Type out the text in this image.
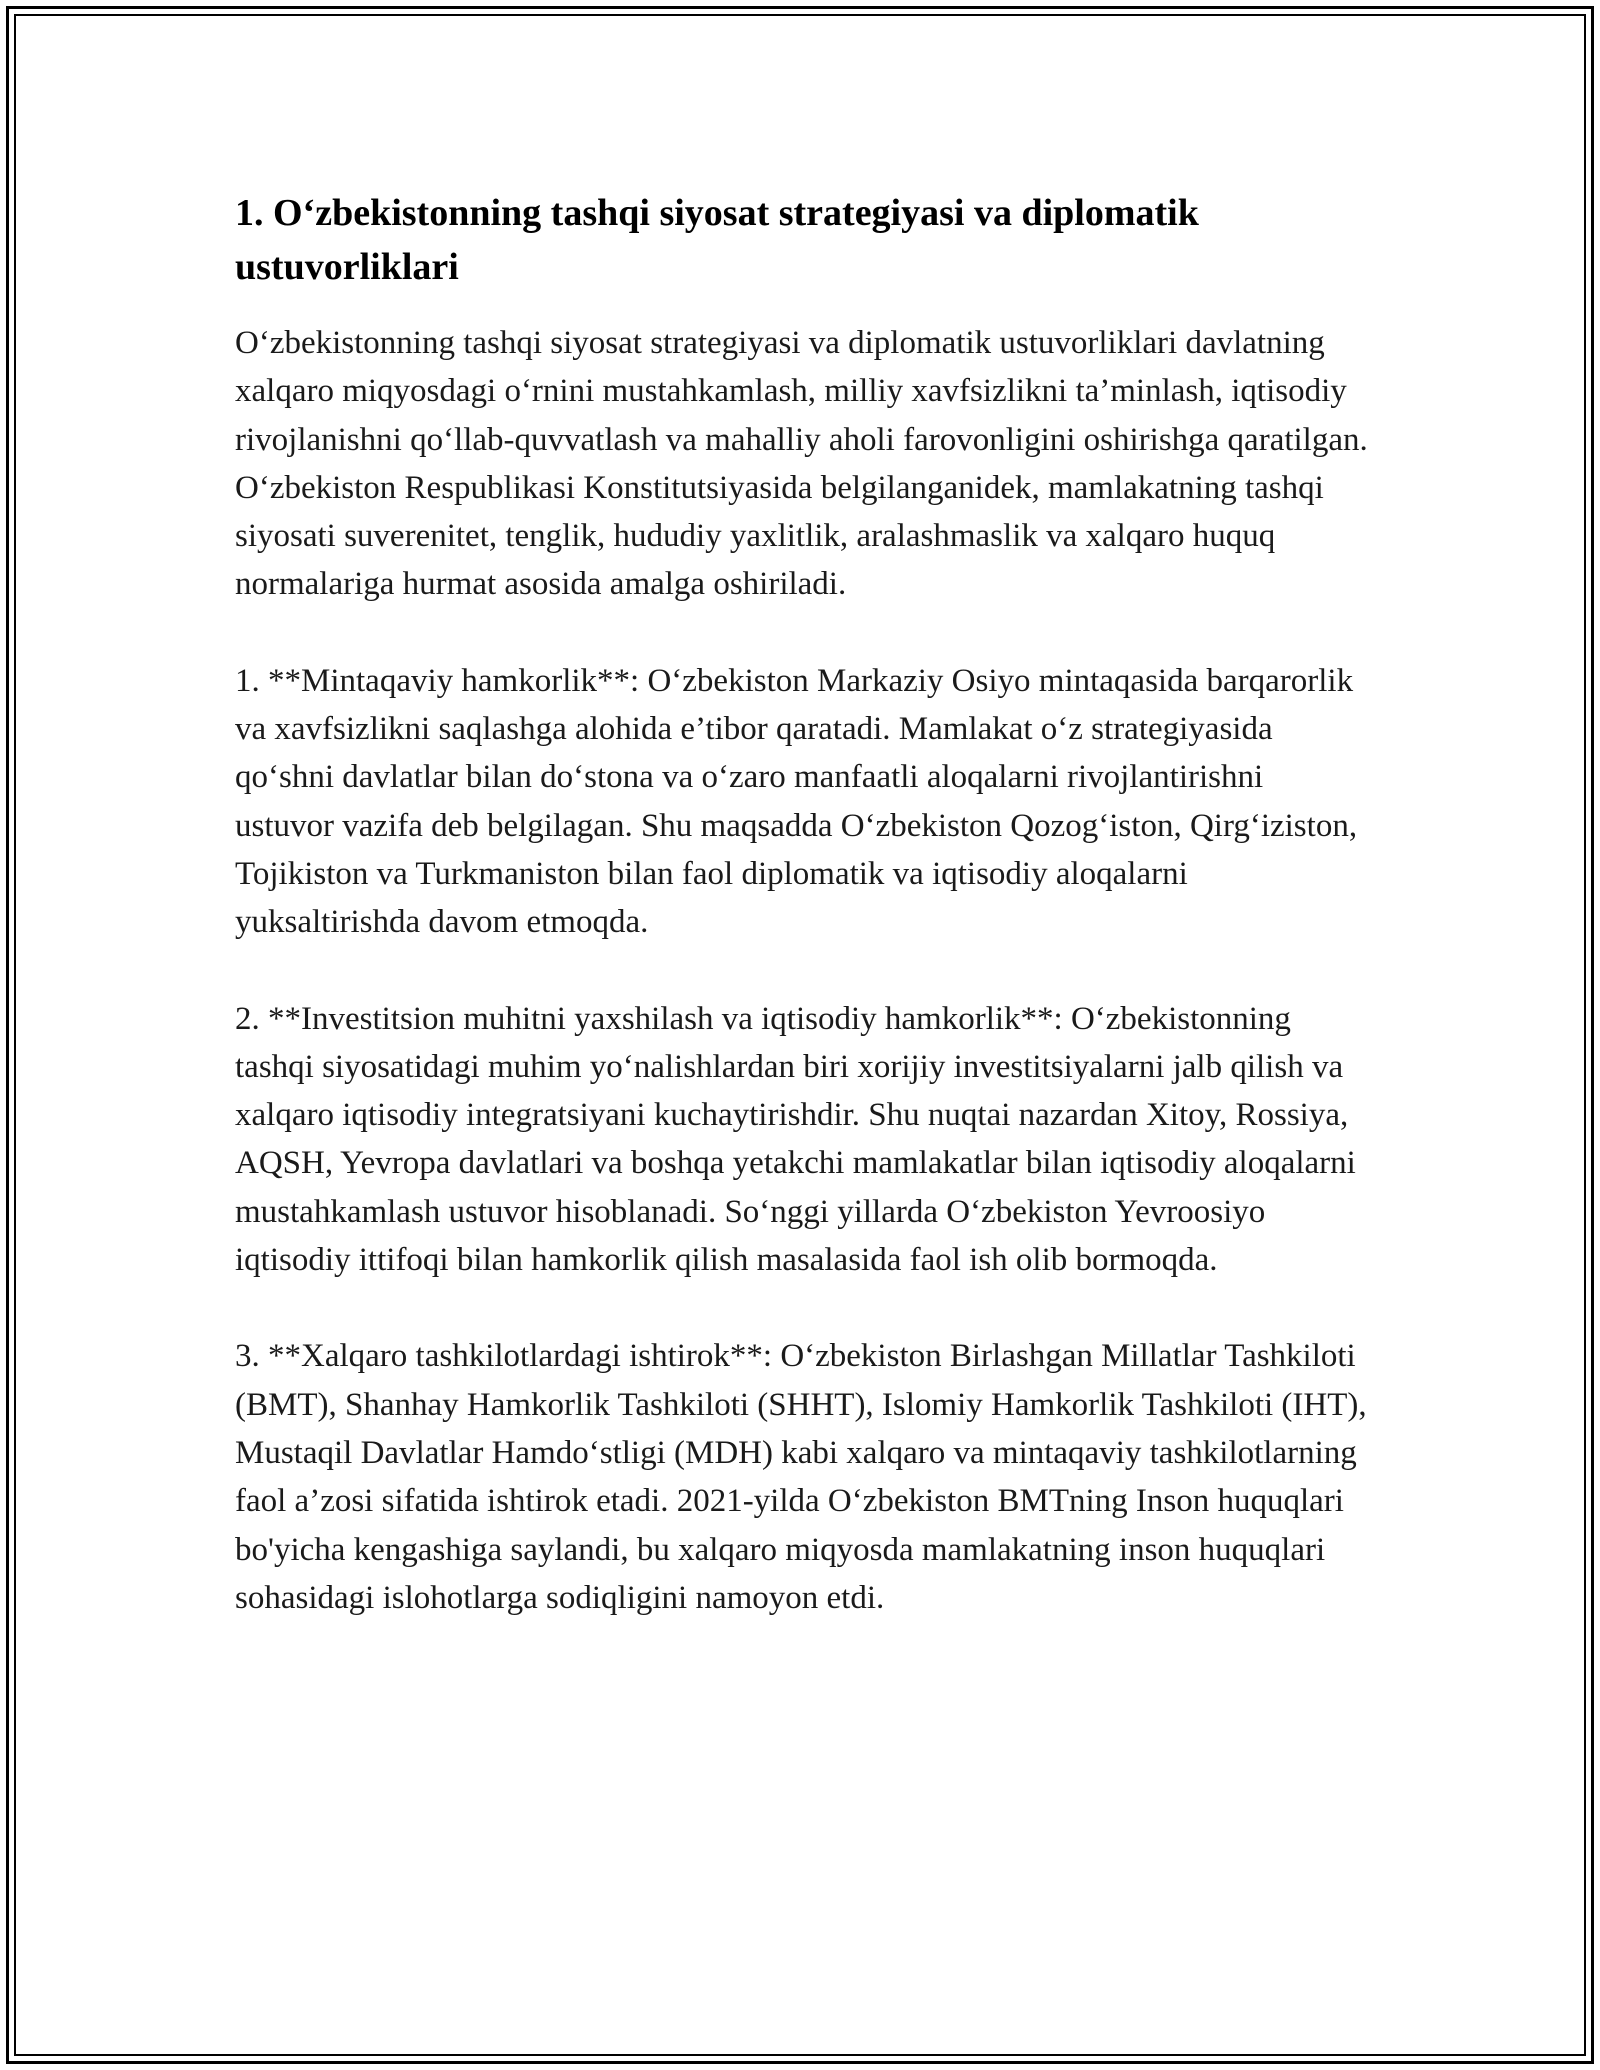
1. O‘zbekistonning tashqi siyosat strategiyasi va diplomatik ustuvorliklari

O‘zbekistonning tashqi siyosat strategiyasi va diplomatik ustuvorliklari davlatning xalqaro miqyosdagi o‘rnini mustahkamlash, milliy xavfsizlikni ta’minlash, iqtisodiy rivojlanishni qo‘llab-quvvatlash va mahalliy aholi farovonligini oshirishga qaratilgan. O‘zbekiston Respublikasi Konstitutsiyasida belgilanganidek, mamlakatning tashqi siyosati suverenitet, tenglik, hududiy yaxlitlik, aralashmaslik va xalqaro huquq normalariga hurmat asosida amalga oshiriladi.

1. **Mintaqaviy hamkorlik**: O‘zbekiston Markaziy Osiyo mintaqasida barqarorlik va xavfsizlikni saqlashga alohida e’tibor qaratadi. Mamlakat o‘z strategiyasida qo‘shni davlatlar bilan do‘stona va o‘zaro manfaatli aloqalarni rivojlantirishni ustuvor vazifa deb belgilagan. Shu maqsadda O‘zbekiston Qozog‘iston, Qirg‘iziston, Tojikiston va Turkmaniston bilan faol diplomatik va iqtisodiy aloqalarni yuksaltirishda davom etmoqda.

2. **Investitsion muhitni yaxshilash va iqtisodiy hamkorlik**: O‘zbekistonning tashqi siyosatidagi muhim yo‘nalishlardan biri xorijiy investitsiyalarni jalb qilish va xalqaro iqtisodiy integratsiyani kuchaytirishdir. Shu nuqtai nazardan Xitoy, Rossiya, AQSH, Yevropa davlatlari va boshqa yetakchi mamlakatlar bilan iqtisodiy aloqalarni mustahkamlash ustuvor hisoblanadi. So‘nggi yillarda O‘zbekiston Yevroosiyo iqtisodiy ittifoqi bilan hamkorlik qilish masalasida faol ish olib bormoqda.

3. **Xalqaro tashkilotlardagi ishtirok**: O‘zbekiston Birlashgan Millatlar Tashkiloti (BMT), Shanhay Hamkorlik Tashkiloti (SHHT), Islomiy Hamkorlik Tashkiloti (IHT), Mustaqil Davlatlar Hamdo‘stligi (MDH) kabi xalqaro va mintaqaviy tashkilotlarning faol a’zosi sifatida ishtirok etadi. 2021-yilda O‘zbekiston BMTning Inson huquqlari bo'yicha kengashiga saylandi, bu xalqaro miqyosda mamlakatning inson huquqlari sohasidagi islohotlarga sodiqligini namoyon etdi.
